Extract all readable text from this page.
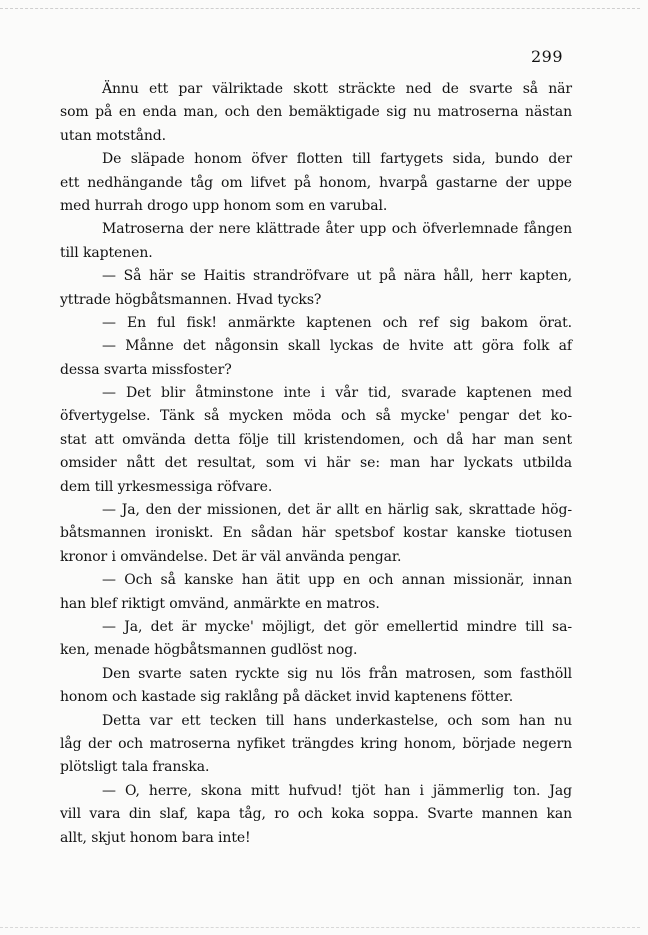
299
Ännu ett par välriktade skott sträckte ned de svarte så när
som på en enda man, och den bemäktigade sig nu matroserna nästan
utan motstånd.
De släpade honom öfver flotten till fartygets sida, bundo der
ett nedhängande tåg om lifvet på honom, hvarpå gastarne der uppe
med hurrah drogo upp honom som en varubal.
Matroserna der nere klättrade åter upp och öfverlemnade fången
till kaptenen.
— Så här se Haitis strandröfvare ut på nära håll, herr kapten,
yttrade högbåtsmannen. Hvad tycks?
— En ful fisk! anmärkte kaptenen och ref sig bakom örat.
— Månne det någonsin skall lyckas de hvite att göra folk af
dessa svarta missfoster?
— Det blir åtminstone inte i vår tid, svarade kaptenen med
öfvertygelse. Tänk så mycken möda och så mycke' pengar det ko-
stat att omvända detta följe till kristendomen, och då har man sent
omsider nått det resultat, som vi här se: man har lyckats utbilda
dem till yrkesmessiga röfvare.
— Ja, den der missionen, det är allt en härlig sak, skrattade hög-
båtsmannen ironiskt. En sådan här spetsbof kostar kanske tiotusen
kronor i omvändelse. Det är väl använda pengar.
— Och så kanske han ätit upp en och annan missionär, innan
han blef riktigt omvänd, anmärkte en matros.
— Ja, det är mycke' möjligt, det gör emellertid mindre till sa-
ken, menade högbåtsmannen gudlöst nog.
Den svarte saten ryckte sig nu lös från matrosen, som fasthöll
honom och kastade sig raklång på däcket invid kaptenens fötter.
Detta var ett tecken till hans underkastelse, och som han nu
låg der och matroserna nyfiket trängdes kring honom, började negern
plötsligt tala franska.
— O, herre, skona mitt hufvud! tjöt han i jämmerlig ton. Jag
vill vara din slaf, kapa tåg, ro och koka soppa. Svarte mannen kan
allt, skjut honom bara inte!
